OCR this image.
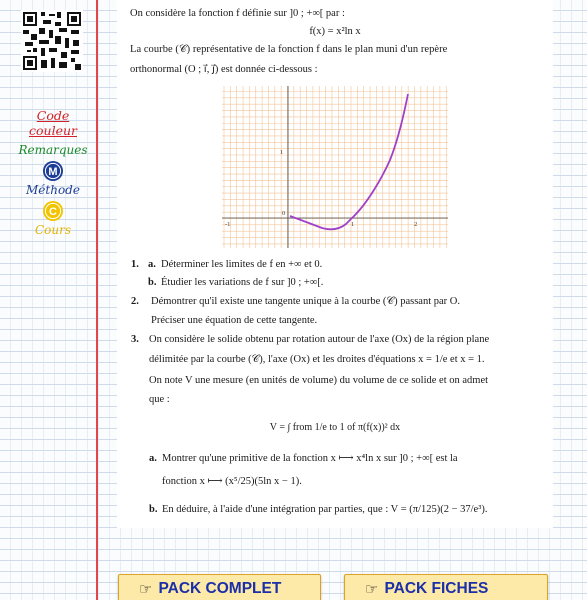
Code couleur
Remarques
M
Méthode
C
Cours
On considère la fonction f définie sur ]0 ; +∞[ par :
f(x) = x²ln x
La courbe (𝒞) représentative de la fonction f dans le plan muni d'un repère
orthonormal (O ; i⃗, j⃗) est donnée ci-dessous :
0
1	2
-1
1
1. a. Déterminer les limites de f en +∞ et 0.
b. Étudier les variations de f sur ]0 ; +∞[.
2. Démontrer qu'il existe une tangente unique à la courbe (𝒞) passant par O.
Préciser une équation de cette tangente.
3. On considère le solide obtenu par rotation autour de l'axe (Ox) de la région plane
délimitée par la courbe (𝒞), l'axe (Ox) et les droites d'équations x = 1/e et x = 1.
On note V une mesure (en unités de volume) du volume de ce solide et on admet
que :
V = ∫ from 1/e to 1 of π(f(x))² dx
a. Montrer qu'une primitive de la fonction x ⟼ x⁴ln x sur ]0 ; +∞[ est la
fonction x ⟼ (x⁵/25)(5ln x − 1).
b. En déduire, à l'aide d'une intégration par parties, que : V = (π/125)(2 − 37/e³).
☞ PACK COMPLET	☞ PACK FICHES
